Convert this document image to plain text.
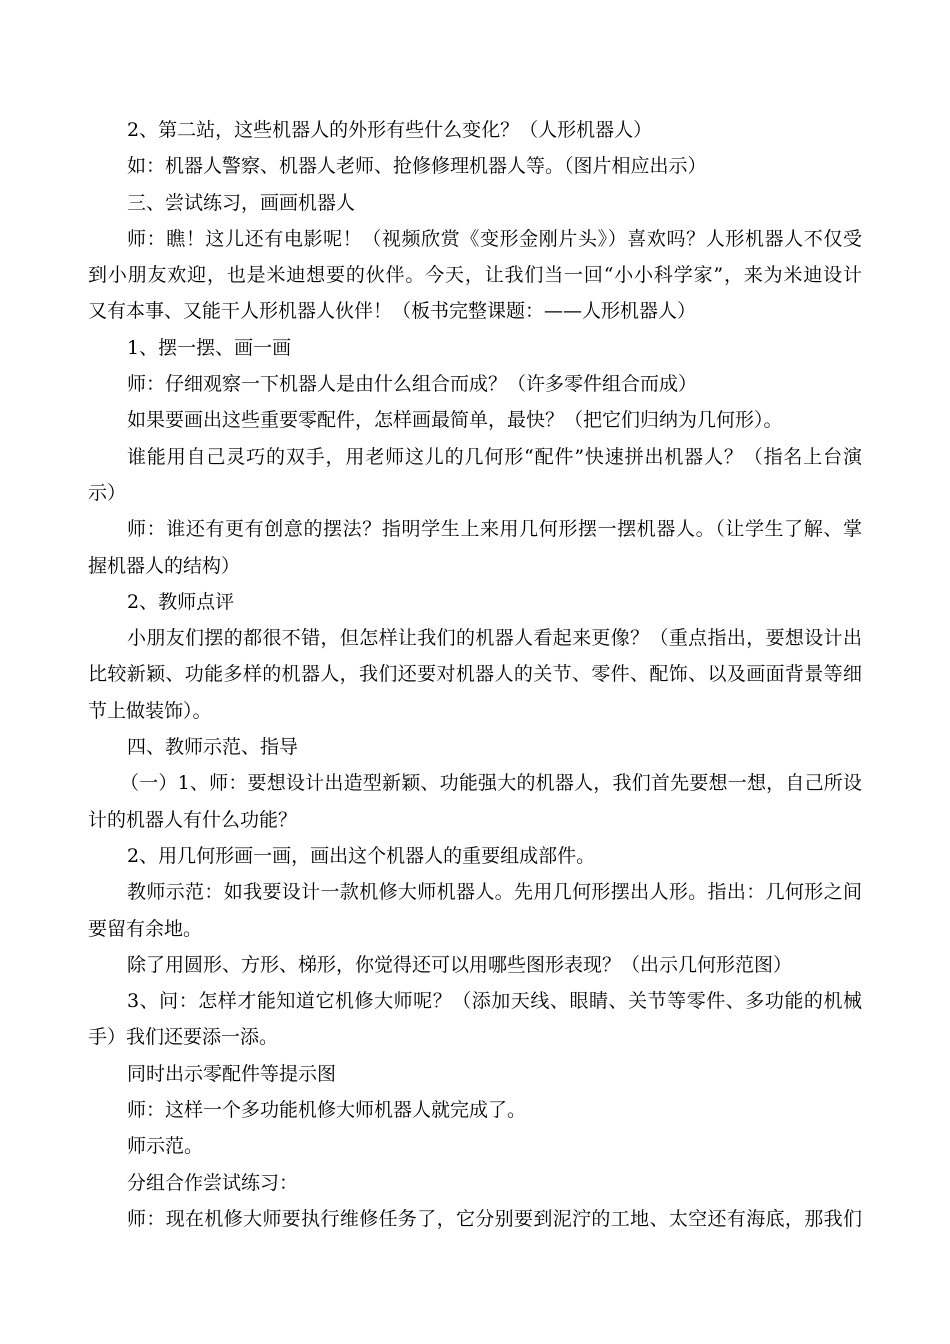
2、第二站，这些机器人的外形有些什么变化？（人形机器人）
如：机器人警察、机器人老师、抢修修理机器人等。（图片相应出示）
三、尝试练习，画画机器人
师：瞧！这儿还有电影呢！（视频欣赏《变形金刚片头》）喜欢吗？人形机器人不仅受
到小朋友欢迎，也是米迪想要的伙伴。今天，让我们当一回“小小科学家”，来为米迪设计
又有本事、又能干人形机器人伙伴！（板书完整课题：——人形机器人）
1、摆一摆、画一画
师：仔细观察一下机器人是由什么组合而成？（许多零件组合而成）
如果要画出这些重要零配件，怎样画最简单，最快？（把它们归纳为几何形）。
谁能用自己灵巧的双手，用老师这儿的几何形“配件”快速拼出机器人？（指名上台演
示）
师：谁还有更有创意的摆法？指明学生上来用几何形摆一摆机器人。（让学生了解、掌
握机器人的结构）
2、教师点评
小朋友们摆的都很不错，但怎样让我们的机器人看起来更像？（重点指出，要想设计出
比较新颖、功能多样的机器人，我们还要对机器人的关节、零件、配饰、以及画面背景等细
节上做装饰）。
四、教师示范、指导
（一）1、师：要想设计出造型新颖、功能强大的机器人，我们首先要想一想，自己所设
计的机器人有什么功能？
2、用几何形画一画，画出这个机器人的重要组成部件。
教师示范：如我要设计一款机修大师机器人。先用几何形摆出人形。指出：几何形之间
要留有余地。
除了用圆形、方形、梯形，你觉得还可以用哪些图形表现？（出示几何形范图）
3、问：怎样才能知道它机修大师呢？（添加天线、眼睛、关节等零件、多功能的机械
手）我们还要添一添。
同时出示零配件等提示图
师：这样一个多功能机修大师机器人就完成了。
师示范。
分组合作尝试练习：
师：现在机修大师要执行维修任务了，它分别要到泥泞的工地、太空还有海底，那我们
